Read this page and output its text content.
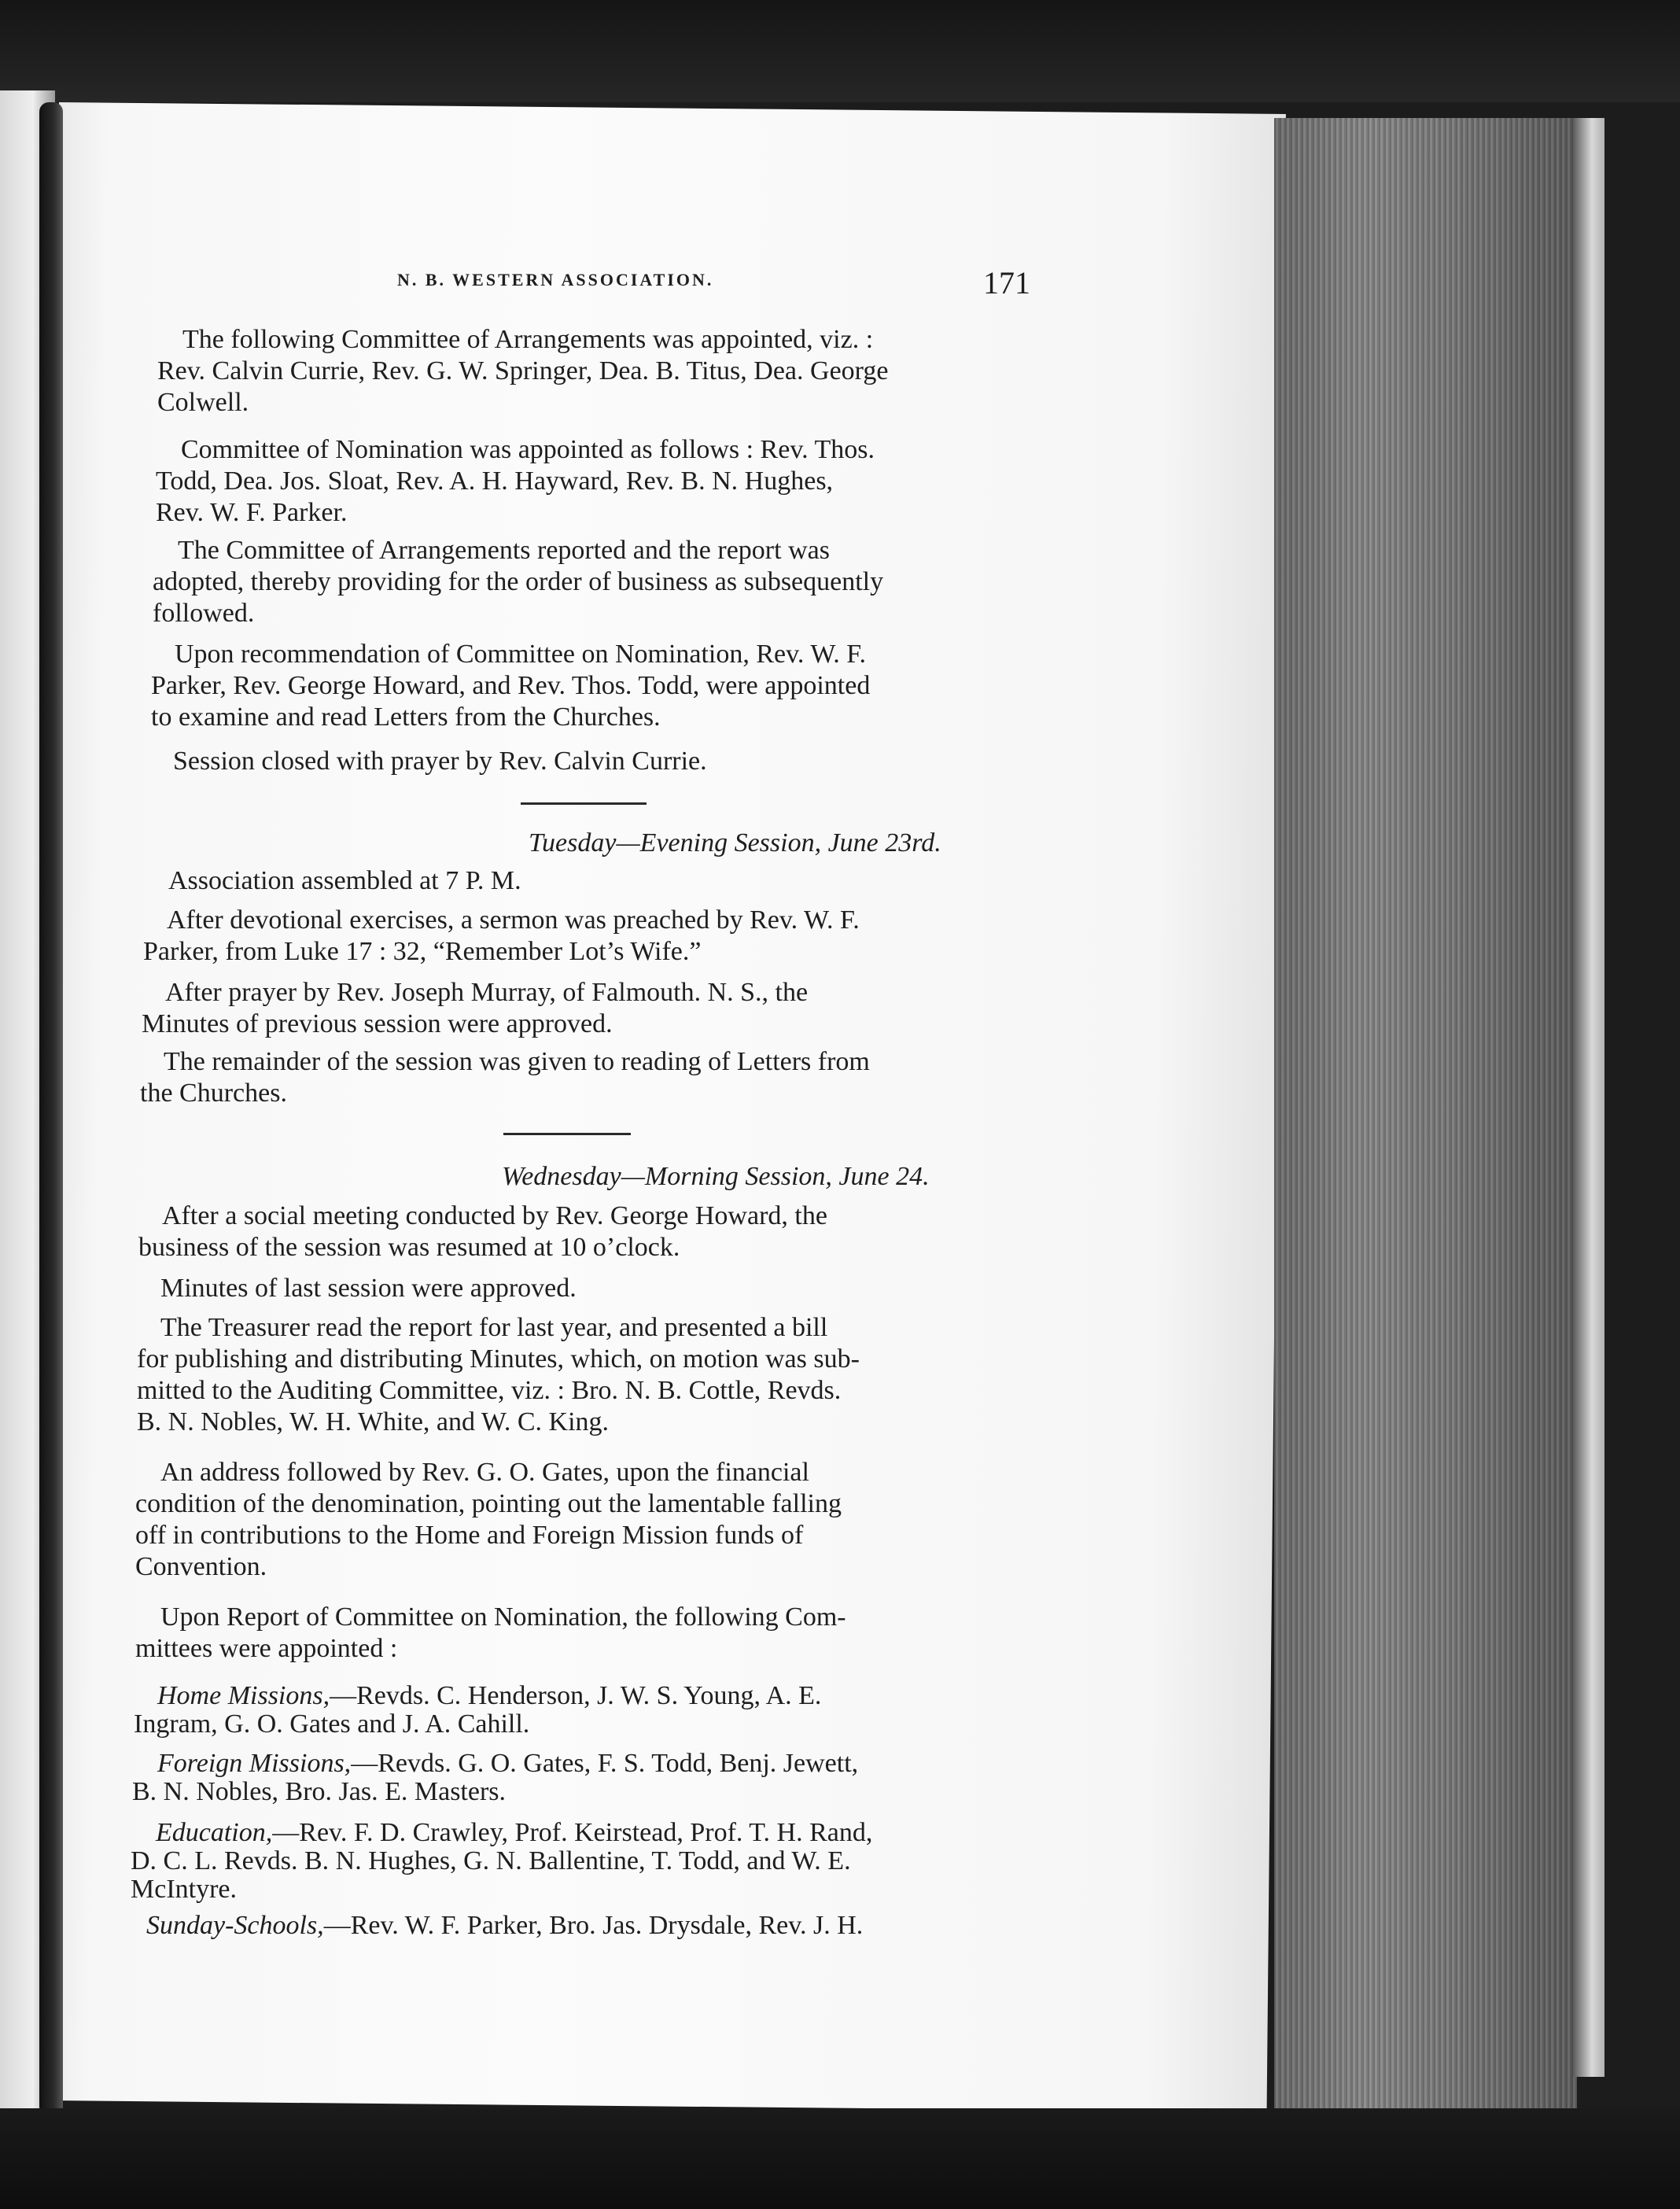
N. B. WESTERN ASSOCIATION.	171
The following Committee of Arrangements was appointed, viz. :
Rev. Calvin Currie, Rev. G. W. Springer, Dea. B. Titus, Dea. George
Colwell.
Committee of Nomination was appointed as follows : Rev. Thos.
Todd, Dea. Jos. Sloat, Rev. A. H. Hayward, Rev. B. N. Hughes,
Rev. W. F. Parker.
The Committee of Arrangements reported and the report was
adopted, thereby providing for the order of business as subsequently
followed.
Upon recommendation of Committee on Nomination, Rev. W. F.
Parker, Rev. George Howard, and Rev. Thos. Todd, were appointed
to examine and read Letters from the Churches.
Session closed with prayer by Rev. Calvin Currie.
Tuesday—Evening Session, June 23rd.
Association assembled at 7 P. M.
After devotional exercises, a sermon was preached by Rev. W. F.
Parker, from Luke 17 : 32, “Remember Lot’s Wife.”
After prayer by Rev. Joseph Murray, of Falmouth. N. S., the
Minutes of previous session were approved.
The remainder of the session was given to reading of Letters from
the Churches.
Wednesday—Morning Session, June 24.
After a social meeting conducted by Rev. George Howard, the
business of the session was resumed at 10 o’clock.
Minutes of last session were approved.
The Treasurer read the report for last year, and presented a bill
for publishing and distributing Minutes, which, on motion was sub-
mitted to the Auditing Committee, viz. : Bro. N. B. Cottle, Revds.
B. N. Nobles, W. H. White, and W. C. King.
An address followed by Rev. G. O. Gates, upon the financial
condition of the denomination, pointing out the lamentable falling
off in contributions to the Home and Foreign Mission funds of
Convention.
Upon Report of Committee on Nomination, the following Com-
mittees were appointed :
Home Missions,—Revds. C. Henderson, J. W. S. Young, A. E.
Ingram, G. O. Gates and J. A. Cahill.
Foreign Missions,—Revds. G. O. Gates, F. S. Todd, Benj. Jewett,
B. N. Nobles, Bro. Jas. E. Masters.
Education,—Rev. F. D. Crawley, Prof. Keirstead, Prof. T. H. Rand,
D. C. L. Revds. B. N. Hughes, G. N. Ballentine, T. Todd, and W. E.
McIntyre.
Sunday-Schools,—Rev. W. F. Parker, Bro. Jas. Drysdale, Rev. J. H.
